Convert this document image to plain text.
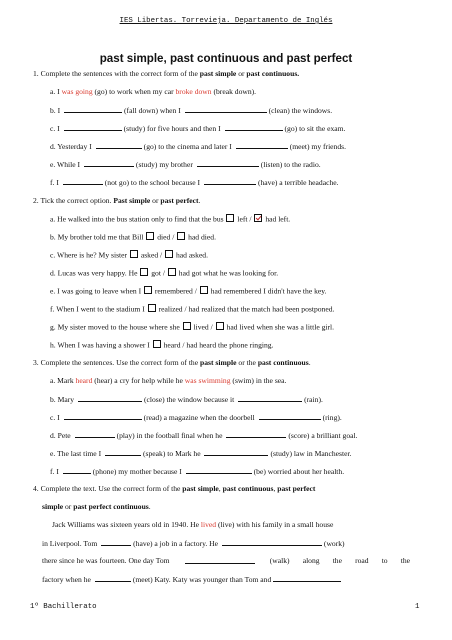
IES Libertas. Torrevieja. Departamento de Inglés
past simple, past continuous and past perfect
1. Complete the sentences with the correct form of the past simple or past continuous.
a. I was going (go) to work when my car broke down (break down).
b. I	(fall down) when I	(clean) the windows.
c. I	(study) for five hours and then I	(go) to sit the exam.
d. Yesterday I	(go) to the cinema and later I	(meet) my friends.
e. While I	(study) my brother	(listen) to the radio.
f. I	(not go) to the school because I	(have) a terrible headache.
2. Tick the correct option. Past simple or past perfect.
a. He walked into the bus station only to find that the bus  left /  had left.
b. My brother told me that Bill  died /  had died.
c. Where is he? My sister  asked /  had asked.
d. Lucas was very happy. He  got /  had got what he was looking for.
e. I was going to leave when I  remembered /  had remembered I didn't have the key.
f. When I went to the stadium I  realized / had realized that the match had been postponed.
g. My sister moved to the house where she  lived /  had lived when she was a little girl.
h. When I was having a shower I  heard / had heard the phone ringing.
3. Complete the sentences. Use the correct form of the past simple or the past continuous.
a. Mark heard (hear) a cry for help while he was swimming (swim) in the sea.
b. Mary	(close) the window because it	(rain).
c. I	(read) a magazine when the doorbell	(ring).
d. Pete	(play) in the football final when he	(score) a brilliant goal.
e. The last time I	(speak) to Mark he	(study) law in Manchester.
f. I	(phone) my mother because I	(be) worried about her health.
4. Complete the text. Use the correct form of the past simple, past continuous, past perfect
simple or past perfect continuous.
Jack Williams was sixteen years old in 1940. He lived (live) with his family in a small house
in Liverpool. Tom	(have) a job in a factory. He	(work)
there since he was fourteen. One day Tom	(walk) along the road to the
factory when he	(meet) Katy. Katy was younger than Tom and
1º Bachillerato	1
